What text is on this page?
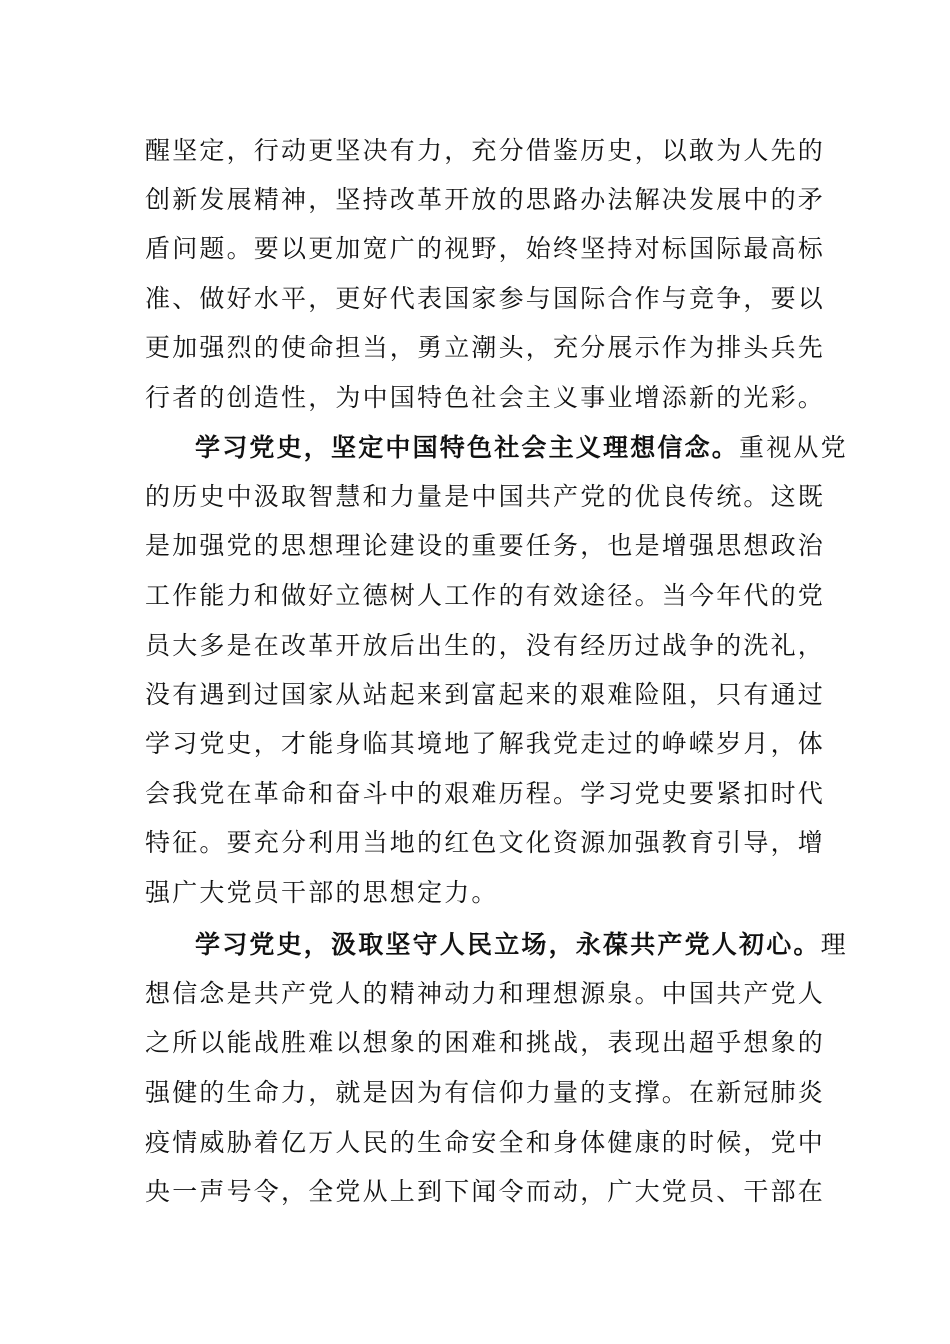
醒坚定，行动更坚决有力，充分借鉴历史，以敢为人先的
创新发展精神，坚持改革开放的思路办法解决发展中的矛
盾问题。要以更加宽广的视野，始终坚持对标国际最高标
准、做好水平，更好代表国家参与国际合作与竞争，要以
更加强烈的使命担当，勇立潮头，充分展示作为排头兵先
行者的创造性，为中国特色社会主义事业增添新的光彩。
学习党史，坚定中国特色社会主义理想信念。重视从党
的历史中汲取智慧和力量是中国共产党的优良传统。这既
是加强党的思想理论建设的重要任务，也是增强思想政治
工作能力和做好立德树人工作的有效途径。当今年代的党
员大多是在改革开放后出生的，没有经历过战争的洗礼，
没有遇到过国家从站起来到富起来的艰难险阻，只有通过
学习党史，才能身临其境地了解我党走过的峥嵘岁月，体
会我党在革命和奋斗中的艰难历程。学习党史要紧扣时代
特征。要充分利用当地的红色文化资源加强教育引导，增
强广大党员干部的思想定力。
学习党史，汲取坚守人民立场，永葆共产党人初心。理
想信念是共产党人的精神动力和理想源泉。中国共产党人
之所以能战胜难以想象的困难和挑战，表现出超乎想象的
强健的生命力，就是因为有信仰力量的支撑。在新冠肺炎
疫情威胁着亿万人民的生命安全和身体健康的时候，党中
央一声号令，全党从上到下闻令而动，广大党员、干部在
